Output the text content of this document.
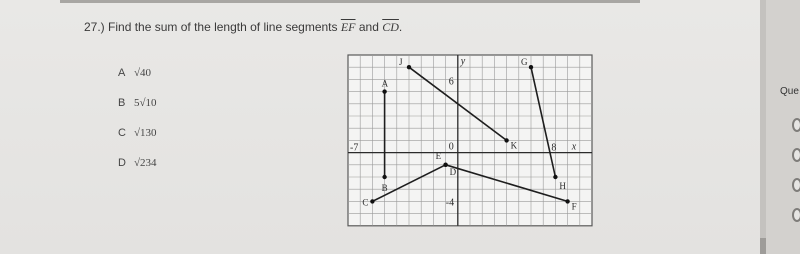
27.) Find the sum of the length of line segments $\overline{EF}$ and $\overline{CD}$.
A √40
B 5√10
C √130
D √234
-7	8
0
6
-4
x
y
J
K
G
H
A
B
C
D
E
F
Que
